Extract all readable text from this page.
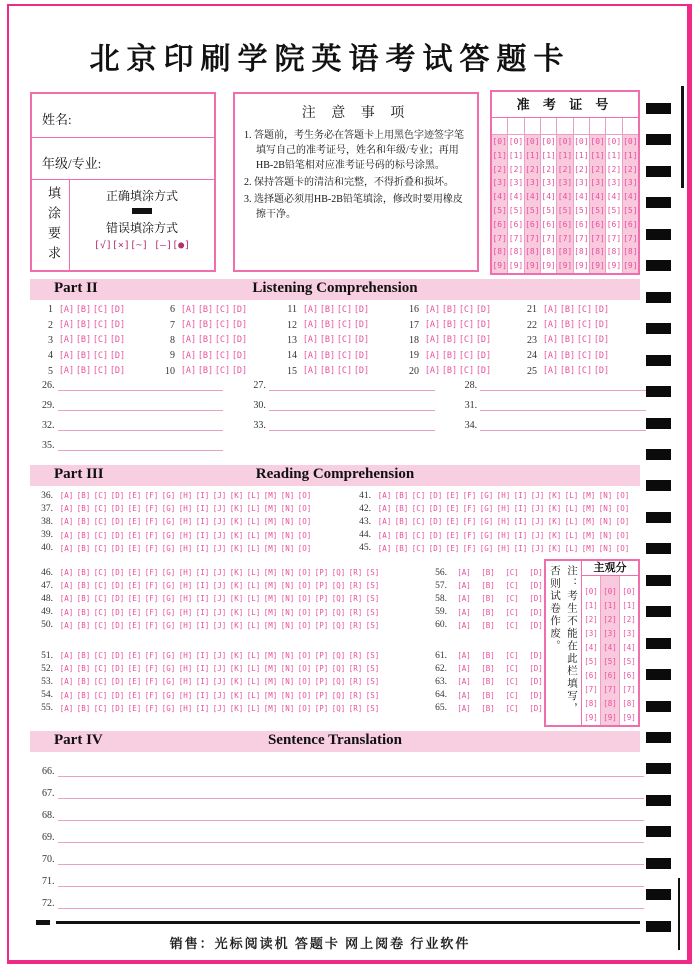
北京印刷学院英语考试答题卡
姓名:
年级/专业:
填涂要求	正确填涂方式
错误填涂方式
[√][×][~] [—][●]
注 意 事 项
1. 答题前，考生务必在答题卡上用黑色字迹签字笔填写自己的准考证号，姓名和年级/专业；再用HB-2B铅笔相对应准考证号码的标号涂黑。
2. 保持答题卡的清洁和完整，不得折叠和损坏。
3. 选择题必须用HB-2B铅笔填涂，修改时要用橡皮擦干净。
准 考 证 号
[0] [0] [0] [0] [0] [0] [0] [0] [0]
[1] [1] [1] [1] [1] [1] [1] [1] [1]
[2] [2] [2] [2] [2] [2] [2] [2] [2]
[3] [3] [3] [3] [3] [3] [3] [3] [3]
[4] [4] [4] [4] [4] [4] [4] [4] [4]
[5] [5] [5] [5] [5] [5] [5] [5] [5]
[6] [6] [6] [6] [6] [6] [6] [6] [6]
[7] [7] [7] [7] [7] [7] [7] [7] [7]
[8] [8] [8] [8] [8] [8] [8] [8] [8]
[9] [9] [9] [9] [9] [9] [9] [9] [9]
Part II	Listening Comprehension
1 [A] [B] [C] [D]
2 [A] [B] [C] [D]
3 [A] [B] [C] [D]
4 [A] [B] [C] [D]
5 [A] [B] [C] [D]
6 [A] [B] [C] [D]
7 [A] [B] [C] [D]
8 [A] [B] [C] [D]
9 [A] [B] [C] [D]
10 [A] [B] [C] [D]
11 [A] [B] [C] [D]
12 [A] [B] [C] [D]
13 [A] [B] [C] [D]
14 [A] [B] [C] [D]
15 [A] [B] [C] [D]
16 [A] [B] [C] [D]
17 [A] [B] [C] [D]
18 [A] [B] [C] [D]
19 [A] [B] [C] [D]
20 [A] [B] [C] [D]
21 [A] [B] [C] [D]
22 [A] [B] [C] [D]
23 [A] [B] [C] [D]
24 [A] [B] [C] [D]
25 [A] [B] [C] [D]
26.	27.	28.
29.	30.	31.
32.	33.	34.
35.
Part III	Reading Comprehension
36. [A] [B] [C] [D] [E] [F] [G] [H] [I] [J] [K] [L] [M] [N] [O]
37. [A] [B] [C] [D] [E] [F] [G] [H] [I] [J] [K] [L] [M] [N] [O]
38. [A] [B] [C] [D] [E] [F] [G] [H] [I] [J] [K] [L] [M] [N] [O]
39. [A] [B] [C] [D] [E] [F] [G] [H] [I] [J] [K] [L] [M] [N] [O]
40. [A] [B] [C] [D] [E] [F] [G] [H] [I] [J] [K] [L] [M] [N] [O]
41. [A] [B] [C] [D] [E] [F] [G] [H] [I] [J] [K] [L] [M] [N] [O]
42. [A] [B] [C] [D] [E] [F] [G] [H] [I] [J] [K] [L] [M] [N] [O]
43. [A] [B] [C] [D] [E] [F] [G] [H] [I] [J] [K] [L] [M] [N] [O]
44. [A] [B] [C] [D] [E] [F] [G] [H] [I] [J] [K] [L] [M] [N] [O]
45. [A] [B] [C] [D] [E] [F] [G] [H] [I] [J] [K] [L] [M] [N] [O]
46. [A] [B] [C] [D] [E] [F] [G] [H] [I] [J] [K] [L] [M] [N] [O] [P] [Q] [R] [S]
47. [A] [B] [C] [D] [E] [F] [G] [H] [I] [J] [K] [L] [M] [N] [O] [P] [Q] [R] [S]
48. [A] [B] [C] [D] [E] [F] [G] [H] [I] [J] [K] [L] [M] [N] [O] [P] [Q] [R] [S]
49. [A] [B] [C] [D] [E] [F] [G] [H] [I] [J] [K] [L] [M] [N] [O] [P] [Q] [R] [S]
50. [A] [B] [C] [D] [E] [F] [G] [H] [I] [J] [K] [L] [M] [N] [O] [P] [Q] [R] [S]
51. [A] [B] [C] [D] [E] [F] [G] [H] [I] [J] [K] [L] [M] [N] [O] [P] [Q] [R] [S]
52. [A] [B] [C] [D] [E] [F] [G] [H] [I] [J] [K] [L] [M] [N] [O] [P] [Q] [R] [S]
53. [A] [B] [C] [D] [E] [F] [G] [H] [I] [J] [K] [L] [M] [N] [O] [P] [Q] [R] [S]
54. [A] [B] [C] [D] [E] [F] [G] [H] [I] [J] [K] [L] [M] [N] [O] [P] [Q] [R] [S]
55. [A] [B] [C] [D] [E] [F] [G] [H] [I] [J] [K] [L] [M] [N] [O] [P] [Q] [R] [S]
56.	[A]	[B]	[C]	[D]
57.	[A]	[B]	[C]	[D]
58.	[A]	[B]	[C]	[D]
59.	[A]	[B]	[C]	[D]
60.	[A]	[B]	[C]	[D]
61.	[A]	[B]	[C]	[D]
62.	[A]	[B]	[C]	[D]
63.	[A]	[B]	[C]	[D]
64.	[A]	[B]	[C]	[D]
65.	[A]	[B]	[C]	[D]	注：考生不能在此栏填写，否则试卷作废。	主观分
[0] [0] [0]
[1] [1] [1]
[2] [2] [2]
[3] [3] [3]
[4] [4] [4]
[5] [5] [5]
[6] [6] [6]
[7] [7] [7]
[8] [8] [8]
[9] [9] [9]
Part IV	Sentence Translation
66.
67.
68.
69.
70.
71.
72.
销售：光标阅读机 答题卡 网上阅卷 行业软件
